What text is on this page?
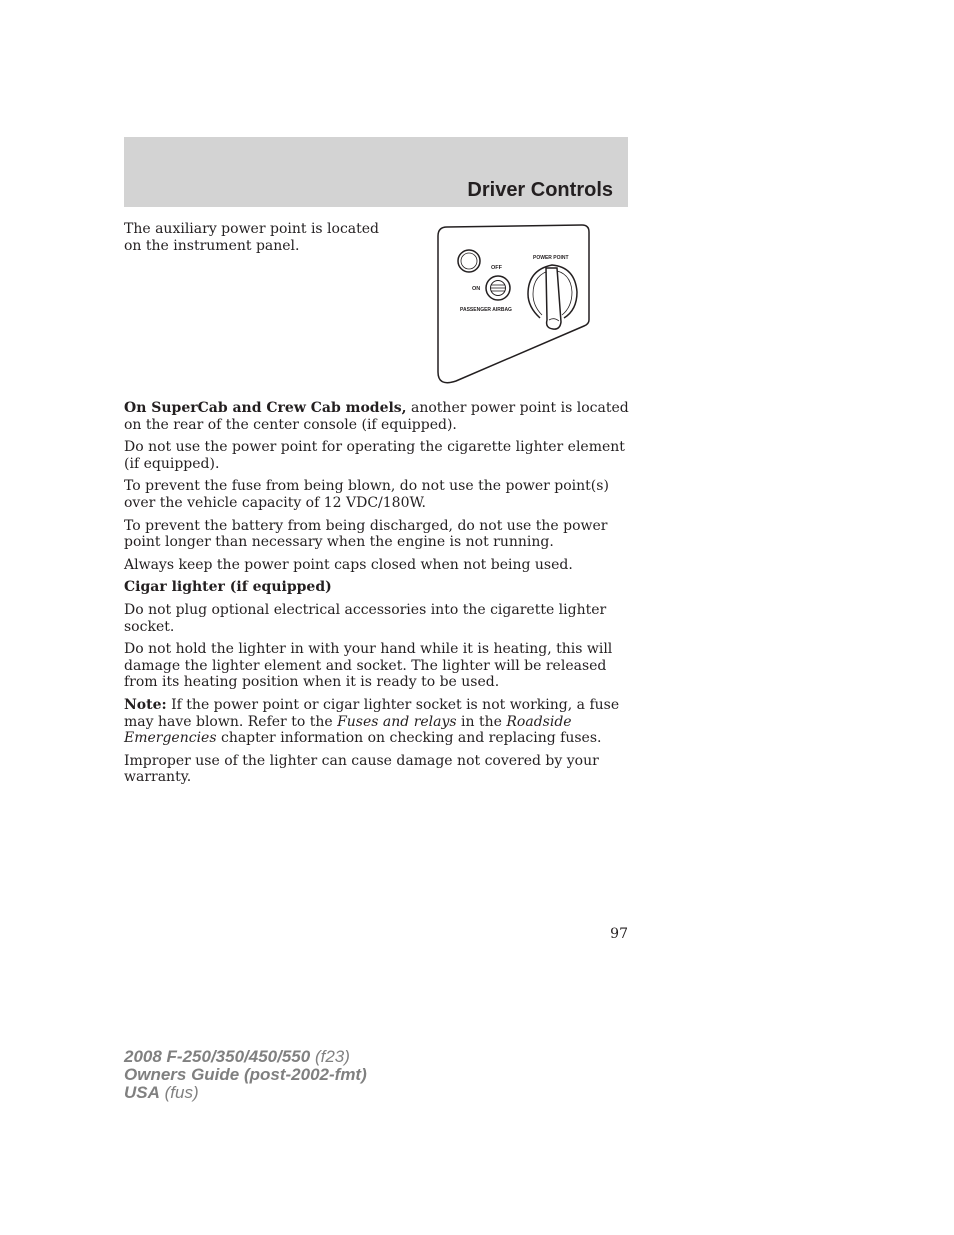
Driver Controls
The auxiliary power point is located on the instrument panel.
OFF
ON
PASSENGER AIRBAG
POWER POINT

On SuperCab and Crew Cab models, another power point is located on the rear of the center console (if equipped).

Do not use the power point for operating the cigarette lighter element (if equipped).

To prevent the fuse from being blown, do not use the power point(s) over the vehicle capacity of 12 VDC/180W.

To prevent the battery from being discharged, do not use the power point longer than necessary when the engine is not running.

Always keep the power point caps closed when not being used.

Cigar lighter (if equipped)

Do not plug optional electrical accessories into the cigarette lighter socket.

Do not hold the lighter in with your hand while it is heating, this will damage the lighter element and socket. The lighter will be released from its heating position when it is ready to be used.

Note: If the power point or cigar lighter socket is not working, a fuse may have blown. Refer to the Fuses and relays in the Roadside Emergencies chapter information on checking and replacing fuses.

Improper use of the lighter can cause damage not covered by your warranty.

97
2008 F-250/350/450/550 (f23)
Owners Guide (post-2002-fmt)
USA (fus)
